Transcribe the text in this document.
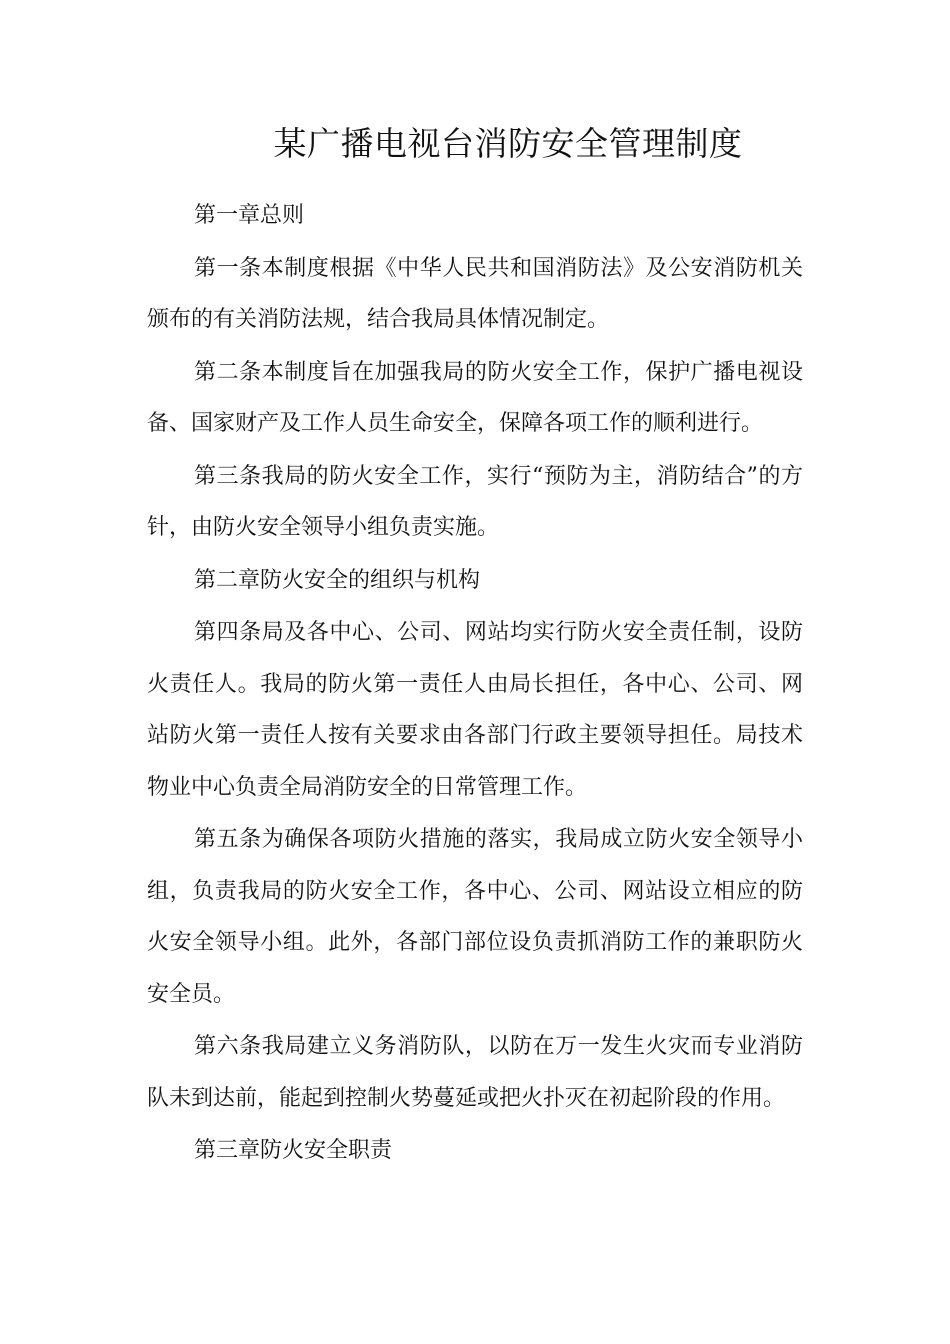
某广播电视台消防安全管理制度

第一章总则

第一条本制度根据《中华人民共和国消防法》及公安消防机关颁布的有关消防法规，结合我局具体情况制定。

第二条本制度旨在加强我局的防火安全工作，保护广播电视设备、国家财产及工作人员生命安全，保障各项工作的顺利进行。

第三条我局的防火安全工作，实行“预防为主，消防结合”的方针，由防火安全领导小组负责实施。

第二章防火安全的组织与机构

第四条局及各中心、公司、网站均实行防火安全责任制，设防火责任人。我局的防火第一责任人由局长担任，各中心、公司、网站防火第一责任人按有关要求由各部门行政主要领导担任。局技术物业中心负责全局消防安全的日常管理工作。

第五条为确保各项防火措施的落实，我局成立防火安全领导小组，负责我局的防火安全工作，各中心、公司、网站设立相应的防火安全领导小组。此外，各部门部位设负责抓消防工作的兼职防火安全员。

第六条我局建立义务消防队，以防在万一发生火灾而专业消防队未到达前，能起到控制火势蔓延或把火扑灭在初起阶段的作用。

第三章防火安全职责
